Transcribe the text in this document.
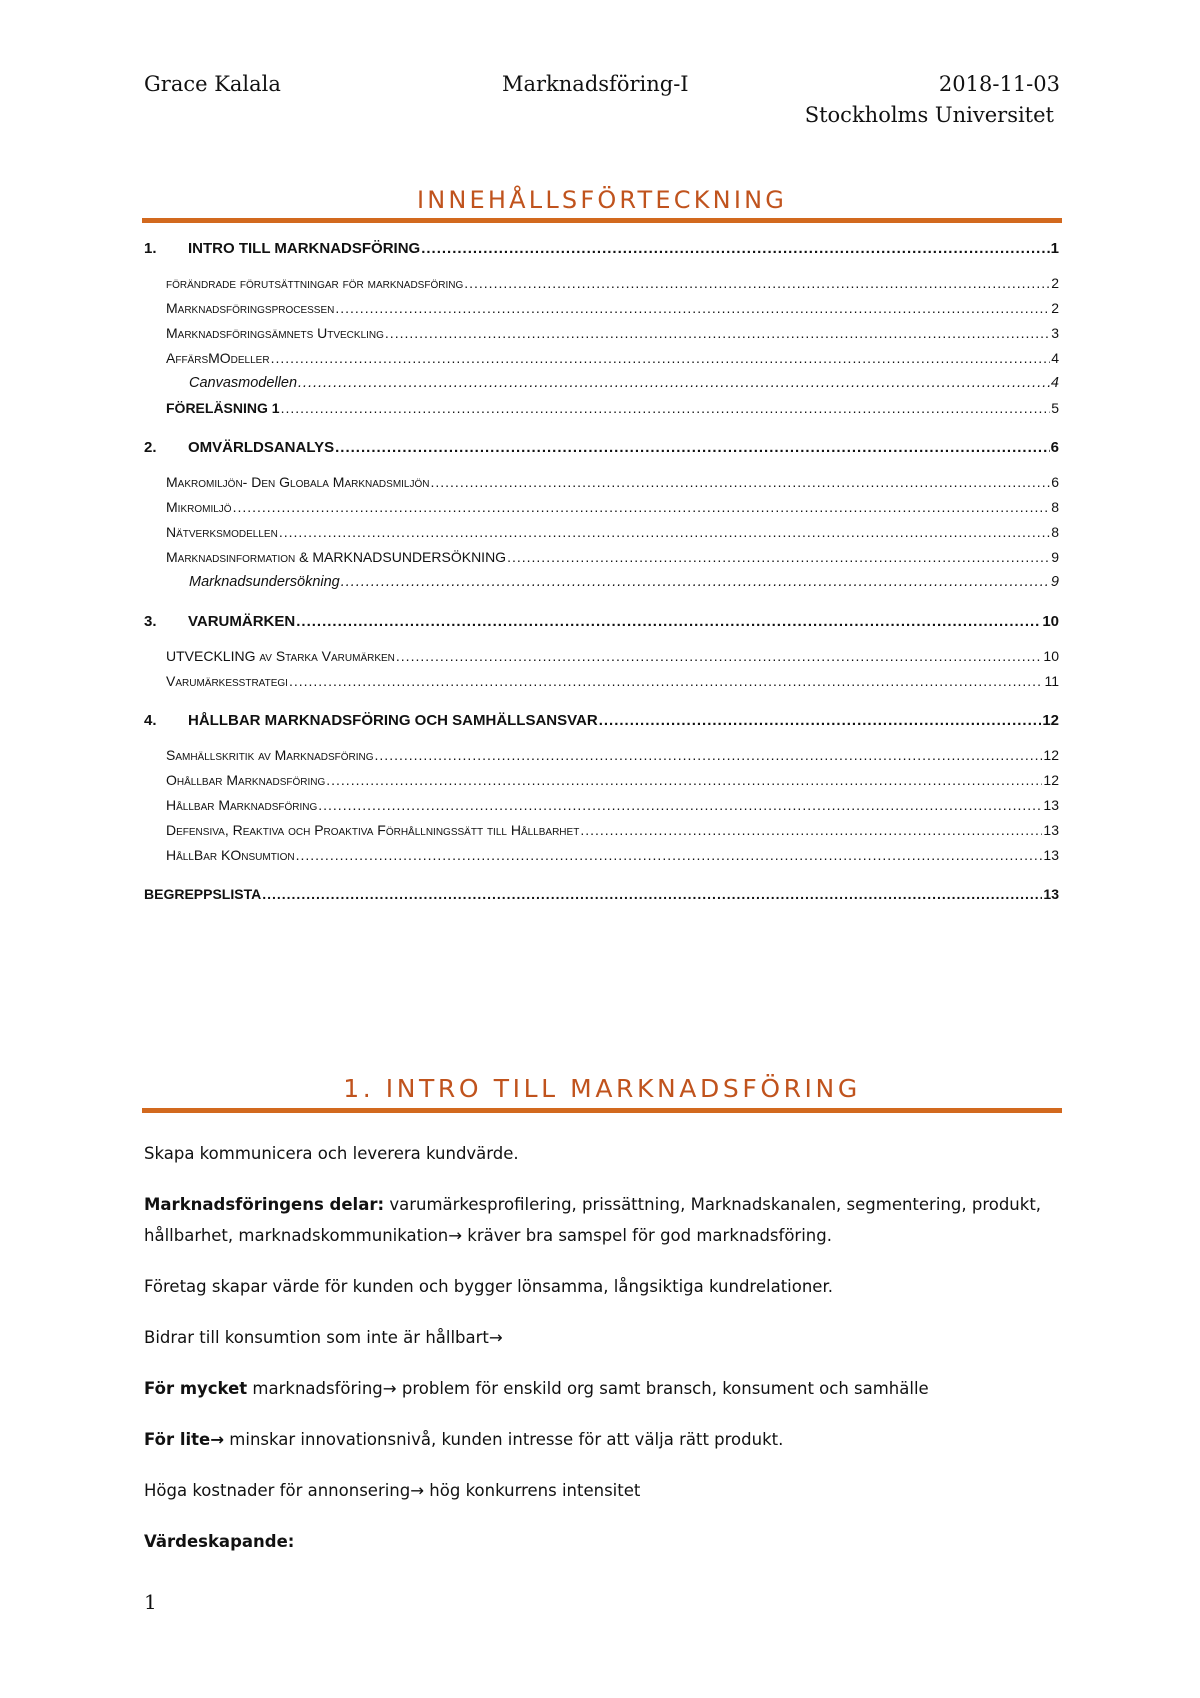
Grace Kalala	Marknadsföring-I	2018-11-03
Stockholms Universitet
INNEHÅLLSFÖRTECKNING
1. INTRO TILL MARKNADSFÖRING .....	1
förändrade förutsättningar för marknadsföring .....	2
Marknadsföringsprocessen .....	2
Marknadsföringsämnets Utveckling .....	3
AffärsMOdeller .....	4
Canvasmodellen .....	4
FÖRELÄSNING 1 .....	5
2. OMVÄRLDSANALYS .....	6
Makromiljön- Den Globala Marknadsmiljön .....	6
Mikromiljö .....	8
Nätverksmodellen .....	8
Marknadsinformation & MARKNADSUNDERSÖKNING .....	9
Marknadsundersökning .....	9
3. VARUMÄRKEN .....	10
UTVECKLING av Starka Varumärken .....	10
Varumärkesstrategi .....	11
4. HÅLLBAR MARKNADSFÖRING OCH SAMHÄLLSANSVAR .....	12
Samhällskritik av Marknadsföring .....	12
Ohållbar Marknadsföring .....	12
Hållbar Marknadsföring .....	13
Defensiva, Reaktiva och Proaktiva Förhållningssätt till Hållbarhet .....	13
HållBar KOnsumtion .....	13
BEGREPPSLISTA .....	13
1. INTRO TILL MARKNADSFÖRING

Skapa kommunicera och leverera kundvärde.

Marknadsföringens delar: varumärkesprofilering, prissättning, Marknadskanalen, segmentering, produkt, hållbarhet, marknadskommunikation→ kräver bra samspel för god marknadsföring.

Företag skapar värde för kunden och bygger lönsamma, långsiktiga kundrelationer.

Bidrar till konsumtion som inte är hållbart→

För mycket marknadsföring→ problem för enskild org samt bransch, konsument och samhälle

För lite→ minskar innovationsnivå, kunden intresse för att välja rätt produkt.

Höga kostnader för annonsering→ hög konkurrens intensitet

Värdeskapande:

1
